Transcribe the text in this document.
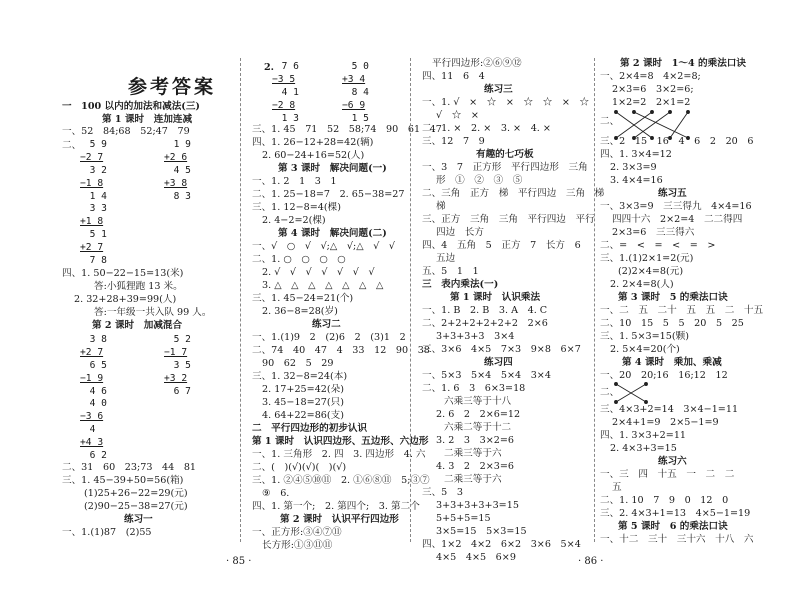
参考答案
一　100 以内的加法和减法(三)
第 1 课时　连加连减
一、52　84;68　52;47　79
二、
　5 9
−2 7
　3 2
−1 8
　1 4
　1 9
+2 6
　4 5
+3 8
　8 3
　3 3
+1 8
　5 1
+2 7
　7 8
四、1. 50−22−15=13(米)
答:小狐狸跑 13 米。
2. 32+28+39=99(人)
答:一年级一共入队 99 人。
第 2 课时　加减混合
　3 8
+2 7
　6 5
−1 9
　4 6
　5 2
−1 7
　3 5
+3 2
　6 7
　4 0
−3 6
　4
+4 3
　6 2
二、31　60　23;73　44　81
三、1. 45−39+50=56(箱)
(1)25+26−22=29(元)
(2)90−25−38=27(元)
练习一
一、1.(1)87　(2)55
2.
　7 6
−3 5
　4 1
−2 8
　1 3
　5 0
+3 4
　8 4
−6 9
　1 5
三、1. 45　71　52　58;74　90　61　47
四、1. 26−12+28=42(辆)
2. 60−24+16=52(人)
第 3 课时　解决问题(一)
一、1. 2　1　3　1
二、1. 25−18=7　2. 65−38=27
三、1. 12−8=4(棵)
2. 4−2=2(棵)
第 4 课时　解决问题(二)
一、√　○　√　√;△　√;△　√　√
二、1. ○　○　○　○
2. √　√　√　√　√　√　√
3. △　△　△　△　△　△　△
三、1. 45−24=21(个)
2. 36−8=28(岁)
练习二
一、1.(1)9　2　(2)6　2　(3)1　2
二、74　40　47　4　33　12　90　38
90　62　5　29
三、1. 32−8=24(本)
2. 17+25=42(朵)
3. 45−18=27(只)
4. 64+22=86(支)
二　平行四边形的初步认识
第 1 课时　认识四边形、五边形、六边形
一、1. 三角形　2. 四　3. 四边形　4. 六
二、(　)(√)(√)(　)(√)
三、1. ②④⑤⑩⑪　2. ①⑥⑧⑪　5;③⑦
⑨　6.
四、1. 第一个;　2. 第四个;　3. 第二个
第 2 课时　认识平行四边形
一、正方形:③④⑦⑪
长方形:①③⑪⑪
平行四边形:②⑥⑨⑫
四、11　6　4
练习三
一、1. √　×　☆　×　☆　☆　×　☆
√　☆　×
二、1. ×　2. ×　3. ×　4. ×
三、12　7　9
有趣的七巧板
一、3　7　正方形　平行四边形　三角
形　①　②　③　⑤
二、三角　正方　梯　平行四边　三角　梯
梯
三、正方　三角　三角　平行四边　平行
四边　长方
四、4　五角　5　正方　7　长方　6
五边
五、5　1　1
三　表内乘法(一)
第 1 课时　认识乘法
一、1. B　2. B　3. A　4. C
二、2+2+2+2+2+2　2×6
3+3+3+3　3×4
三、3×6　4×5　7×3　9×8　6×7
练习四
一、5×3　5×4　5×4　3×4
二、1. 6　3　6×3=18
六乘三等于十八
2. 6　2　2×6=12
六乘二等于十二
3. 2　3　3×2=6
二乘三等于六
4. 3　2　2×3=6
二乘三等于六
三、5　3
3+3+3+3+3=15
5+5+5=15
3×5=15　5×3=15
四、1×2　4×2　6×2　3×6　5×4
4×5　4×5　6×9
第 2 课时　1～4 的乘法口诀
一、2×4=8　4×2=8;
2×3=6　3×2=6;
1×2=2　2×1=2
二、
三、2　15　16　4　6　2　20　6
四、1. 3×4=12
2. 3×3=9
3. 4×4=16
练习五
一、3×3=9　三三得九　4×4=16
四四十六　2×2=4　二二得四
2×3=6　三三得六
二、=　<　=　<　=　>
三、1.(1)2×1=2(元)
(2)2×4=8(元)
2. 2×4=8(人)
第 3 课时　5 的乘法口诀
一、二　五　二十　五　五　二　十五
二、10　15　5　5　20　5　25
三、1. 5×3=15(颗)
2. 5×4=20(个)
第 4 课时　乘加、乘减
一、20　20;16　16;12　12
二、
三、4×3+2=14　3×4−1=11
2×4+1=9　2×5−1=9
四、1. 3×3+2=11
2. 4×3+3=15
练习六
一、三　四　十五　一　二　二
五
二、1. 10　7　9　0　12　0
三、2. 4×3+1=13　4×5−1=19
第 5 课时　6 的乘法口诀
一、十二　三十　三十六　十八　六
· 85 ·	· 86 ·
